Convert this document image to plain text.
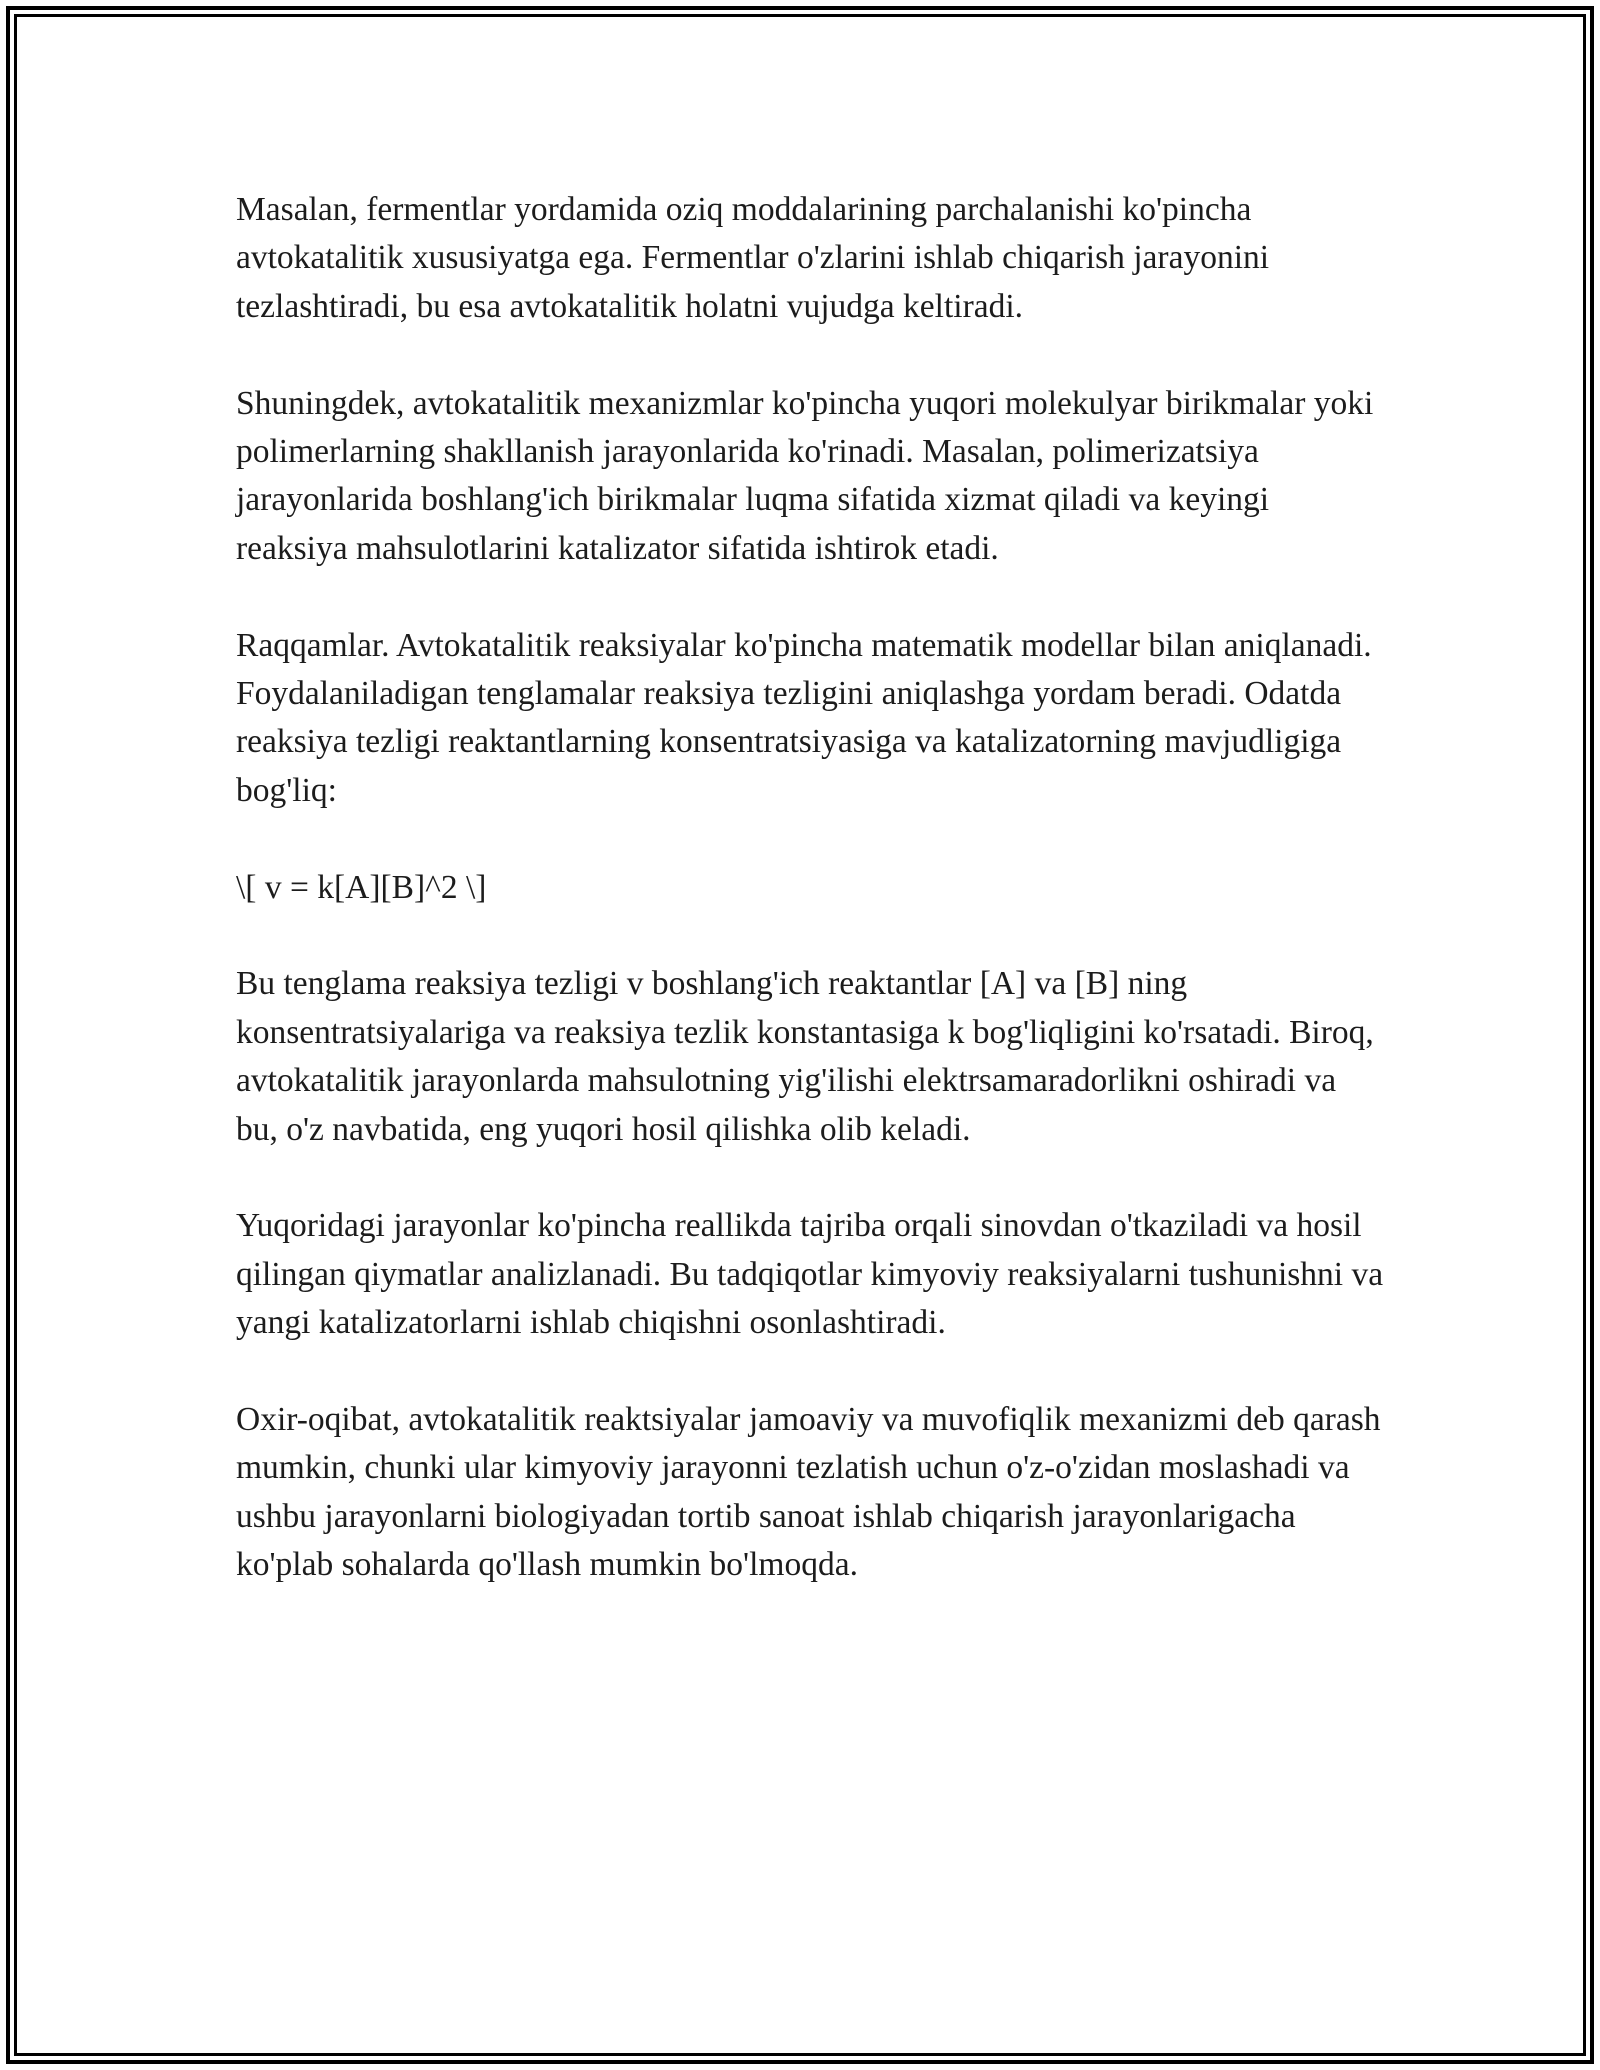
Masalan, fermentlar yordamida oziq moddalarining parchalanishi ko'pincha avtokatalitik xususiyatga ega. Fermentlar o'zlarini ishlab chiqarish jarayonini tezlashtiradi, bu esa avtokatalitik holatni vujudga keltiradi.

Shuningdek, avtokatalitik mexanizmlar ko'pincha yuqori molekulyar birikmalar yoki polimerlarning shakllanish jarayonlarida ko'rinadi. Masalan, polimerizatsiya jarayonlarida boshlang'ich birikmalar luqma sifatida xizmat qiladi va keyingi reaksiya mahsulotlarini katalizator sifatida ishtirok etadi.

Raqqamlar. Avtokatalitik reaksiyalar ko'pincha matematik modellar bilan aniqlanadi. Foydalaniladigan tenglamalar reaksiya tezligini aniqlashga yordam beradi. Odatda reaksiya tezligi reaktantlarning konsentratsiyasiga va katalizatorning mavjudligiga bog'liq:

\[ v = k[A][B]^2 \]

Bu tenglama reaksiya tezligi v boshlang'ich reaktantlar [A] va [B] ning konsentratsiyalariga va reaksiya tezlik konstantasiga k bog'liqligini ko'rsatadi. Biroq, avtokatalitik jarayonlarda mahsulotning yig'ilishi elektrsamaradorlikni oshiradi va bu, o'z navbatida, eng yuqori hosil qilishka olib keladi.

Yuqoridagi jarayonlar ko'pincha reallikda tajriba orqali sinovdan o'tkaziladi va hosil qilingan qiymatlar analizlanadi. Bu tadqiqotlar kimyoviy reaksiyalarni tushunishni va yangi katalizatorlarni ishlab chiqishni osonlashtiradi.

Oxir-oqibat, avtokatalitik reaktsiyalar jamoaviy va muvofiqlik mexanizmi deb qarash mumkin, chunki ular kimyoviy jarayonni tezlatish uchun o'z-o'zidan moslashadi va ushbu jarayonlarni biologiyadan tortib sanoat ishlab chiqarish jarayonlarigacha ko'plab sohalarda qo'llash mumkin bo'lmoqda.
